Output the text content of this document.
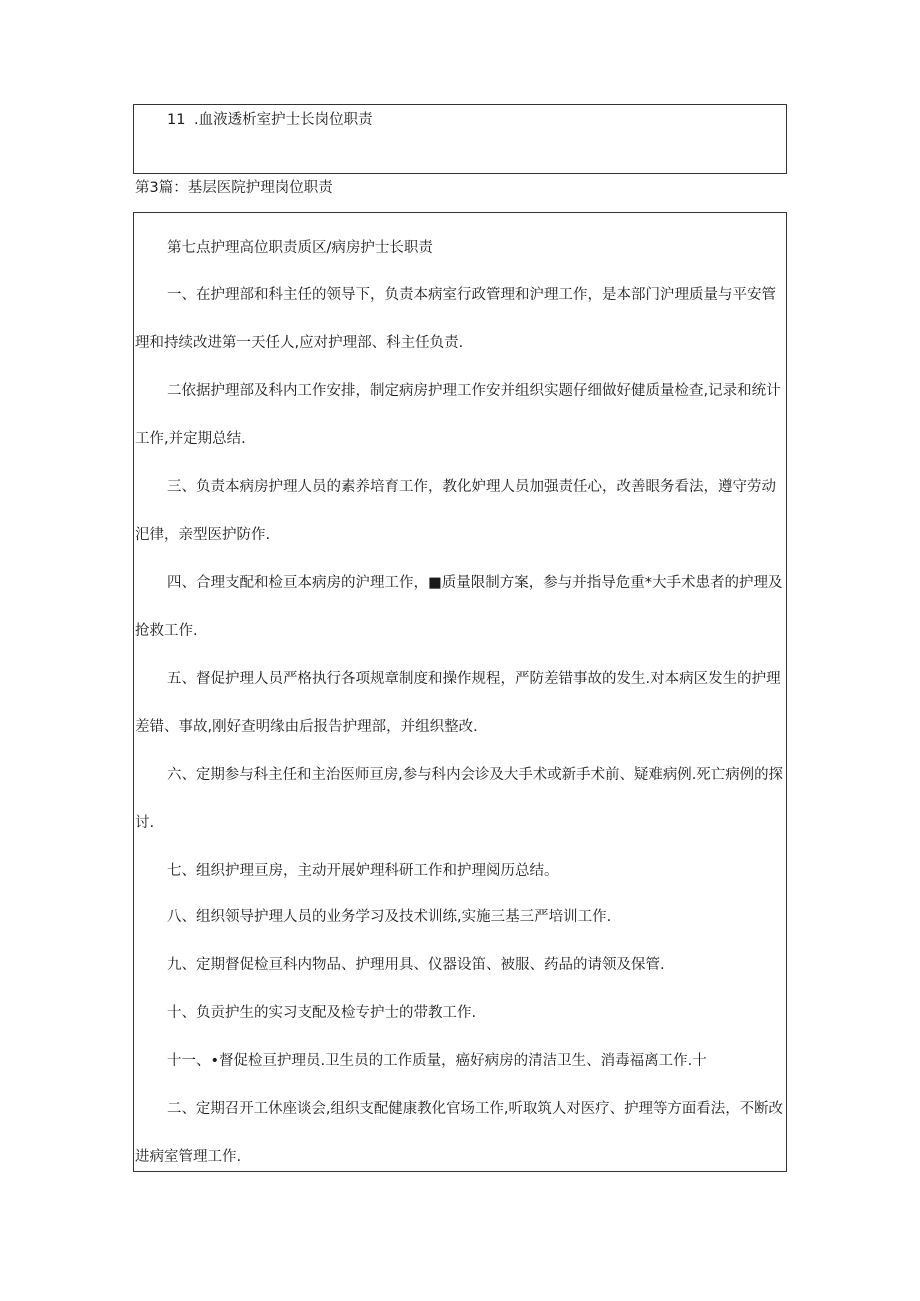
11 .血液透析室护士长岗位职责
第3篇：基层医院护理岗位职责
第七点护理高位职责质区/病房护士长职责
一、在护理部和科主任的领导下，负责本病室行政管理和沪理工作，是本部门沪理质量与平安管
理和持续改进第一天任人,应对护理部、科主任负责.
二依据护理部及科内工作安排，制定病房护理工作安并组织实题仔细做好健质量检查,记录和统计
工作,并定期总结.
三、负责本病房护理人员的素养培育工作，教化妒理人员加强责任心，改善眼务看法，遵守劳动
汜律，亲型医护防作.
四、合理支配和检亘本病房的沪理工作，■质量限制方案，参与并指导危重*大手术患者的护理及
抢救工作.
五、督促护理人员严格执行各项规章制度和操作规程，严防差错事故的发生.对本病区发生的护理
差错、事故,刚好查明缘由后报告护理部，并组织整改.
六、定期参与科主任和主治医师亘房,参与科内会诊及大手术或新手术前、疑难病例.死亡病例的探
讨.
七、组织护理亘房，主动开展妒理科研工作和护理阅历总结。
八、组织领导护理人员的业务学习及技术训练,实施三基三严培训工作.
九、定期督促检亘科内物品、护理用具、仪器设笛、被服、药品的请领及保管.
十、负贡护生的实习支配及检专护士的带教工作.
十一、•督促检亘护理员.卫生员的工作质量，癌好病房的清洁卫生、消毒福离工作.十
二、定期召开工休座谈会,组织支配健康教化官场工作,听取筑人对医疗、护理等方面看法，不断改
进病室管理工作.
